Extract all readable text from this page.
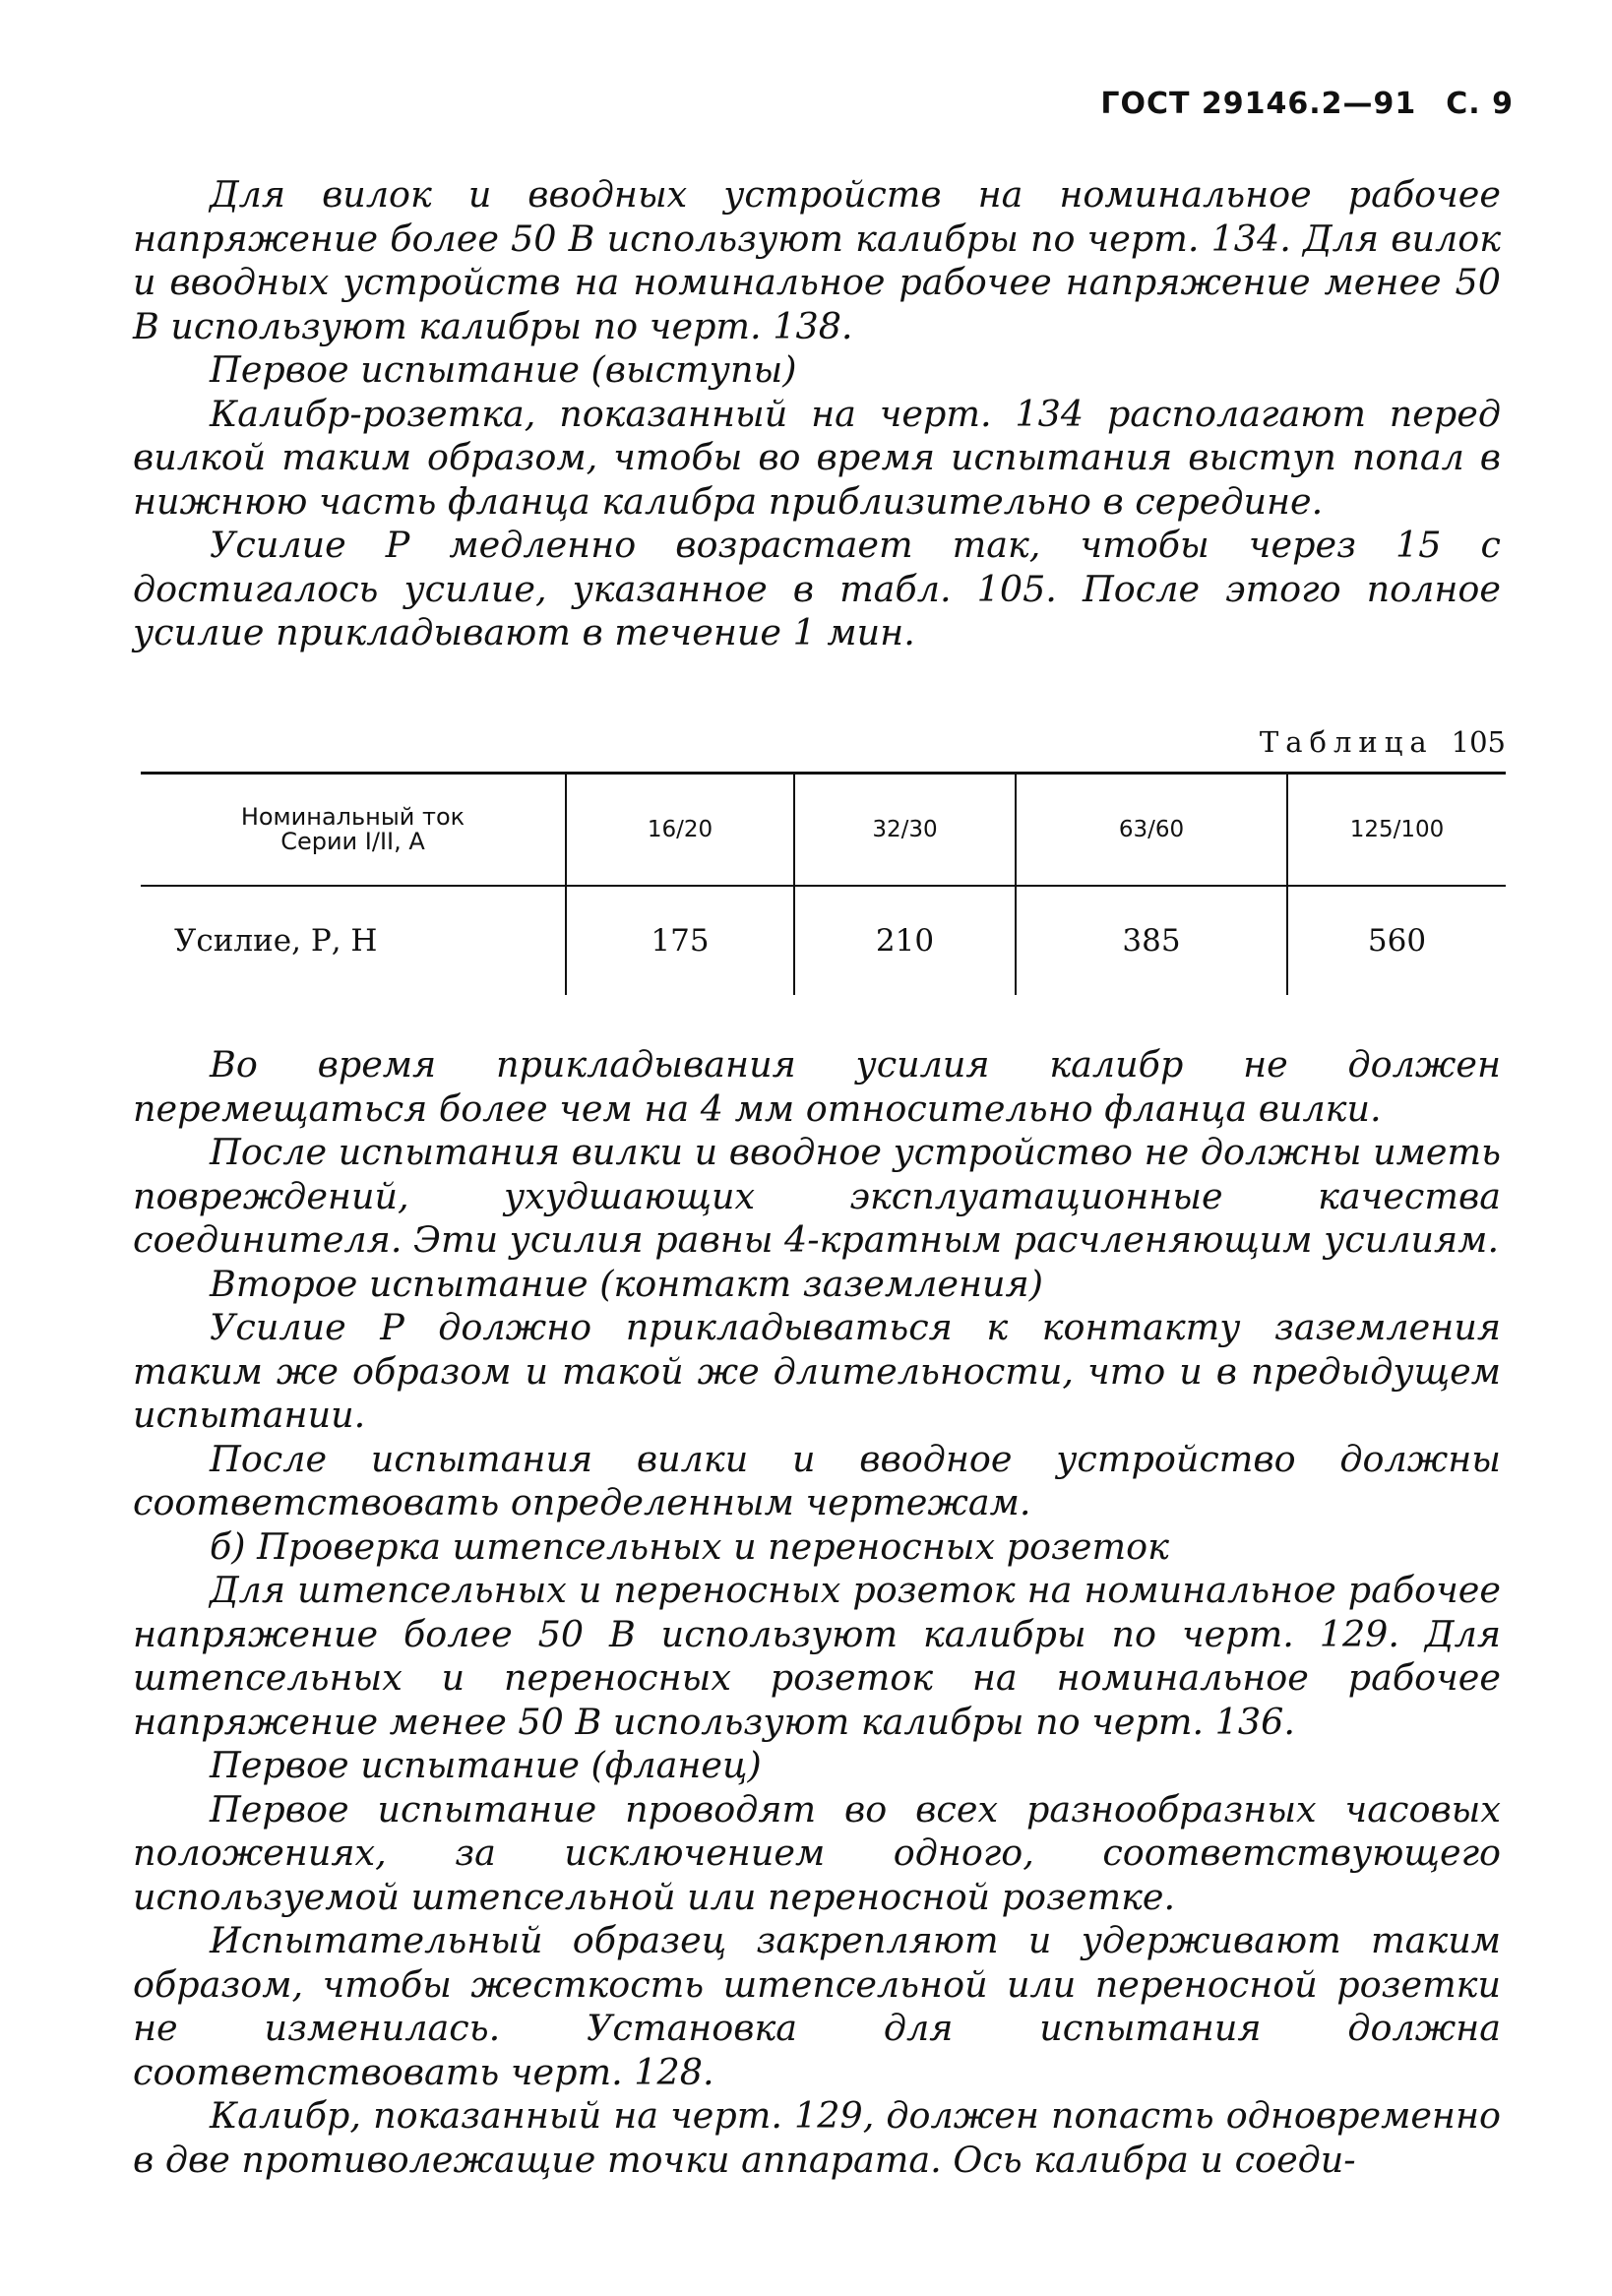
ГОСТ 29146.2—91 С. 9

Для вилок и вводных устройств на номинальное рабочее напряжение более 50 В используют калибры по черт. 134. Для вилок и вводных устройств на номинальное рабочее напряжение менее 50 В используют калибры по черт. 138.

Первое испытание (выступы)

Калибр-розетка, показанный на черт. 134 располагают перед вилкой таким образом, чтобы во время испытания выступ попал в нижнюю часть фланца калибра приблизительно в середине.

Усилие Р медленно возрастает так, чтобы через 15 с достигалось усилие, указанное в табл. 105. После этого полное усилие прикладывают в течение 1 мин.

Таблица 105
Номинальный ток
Серии I/II, А	16/20	32/30	63/60	125/100
Усилие, Р, Н	175	210	385	560

Во время прикладывания усилия калибр не должен перемещаться более чем на 4 мм относительно фланца вилки.

После испытания вилки и вводное устройство не должны иметь повреждений, ухудшающих эксплуатационные качества соединителя. Эти усилия равны 4-кратным расчленяющим усилиям.

Второе испытание (контакт заземления)

Усилие Р должно прикладываться к контакту заземления таким же образом и такой же длительности, что и в предыдущем испытании.

После испытания вилки и вводное устройство должны соответствовать определенным чертежам.

б) Проверка штепсельных и переносных розеток

Для штепсельных и переносных розеток на номинальное рабочее напряжение более 50 В используют калибры по черт. 129. Для штепсельных и переносных розеток на номинальное рабочее напряжение менее 50 В используют калибры по черт. 136.

Первое испытание (фланец)

Первое испытание проводят во всех разнообразных часовых положениях, за исключением одного, соответствующего используемой штепсельной или переносной розетке.

Испытательный образец закрепляют и удерживают таким образом, чтобы жесткость штепсельной или переносной розетки не изменилась. Установка для испытания должна соответствовать черт. 128.

Калибр, показанный на черт. 129, должен попасть одновременно в две противолежащие точки аппарата. Ось калибра и соеди-
